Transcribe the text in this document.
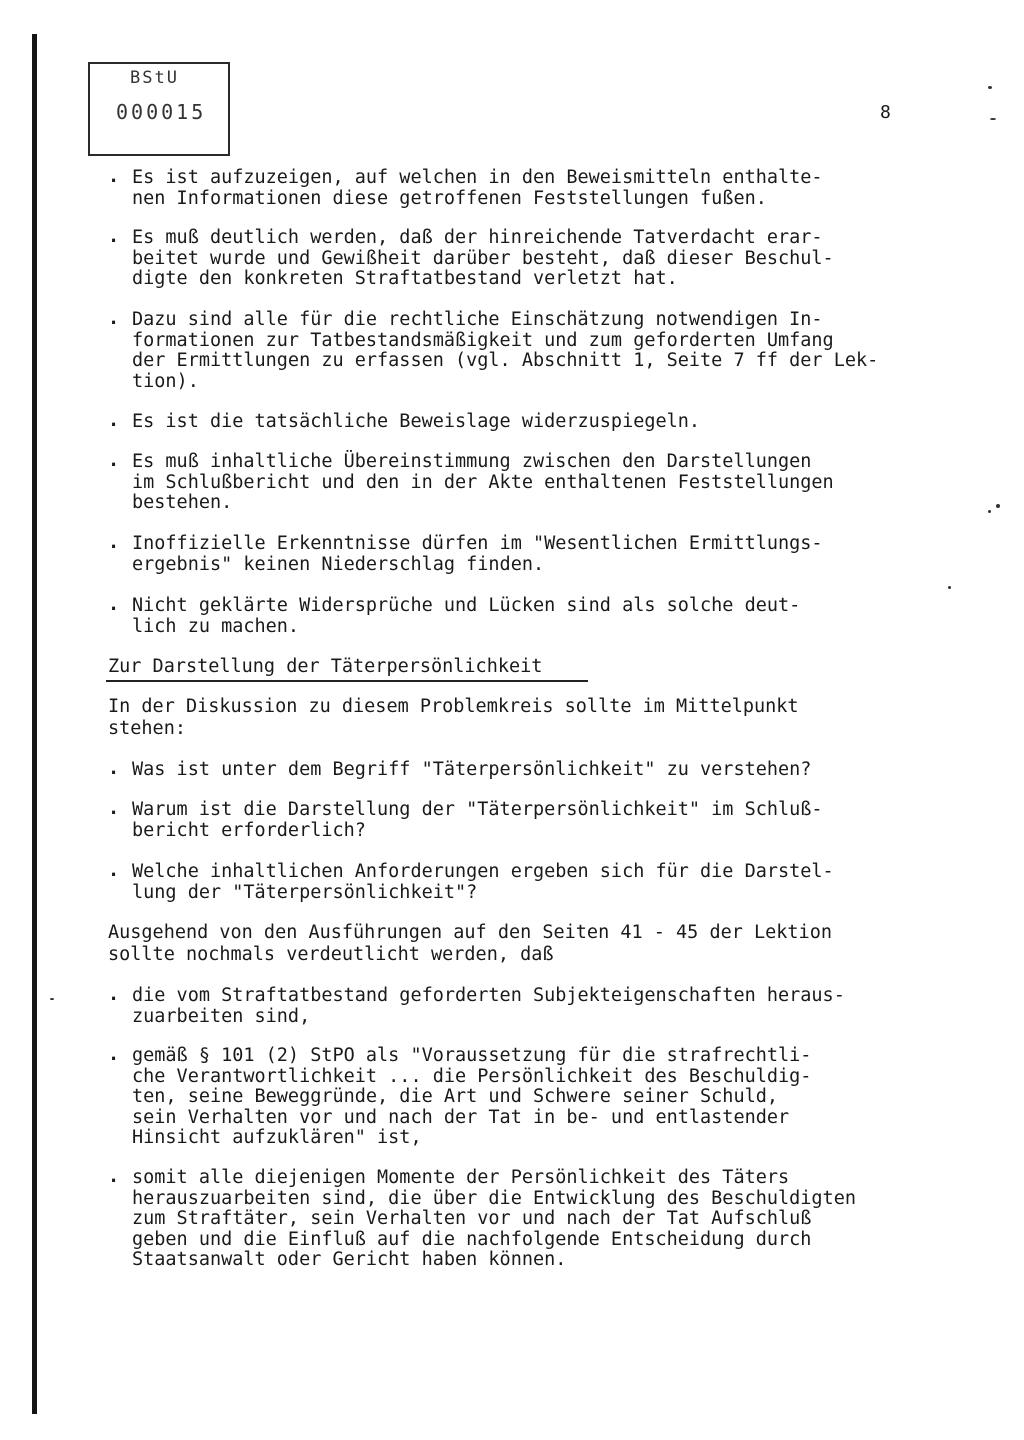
BStU
000015	8

.

Es ist aufzuzeigen, auf welchen in den Beweismitteln enthalte-
nen Informationen diese getroffenen Feststellungen fußen.

.

Es muß deutlich werden, daß der hinreichende Tatverdacht erar-
beitet wurde und Gewißheit darüber besteht, daß dieser Beschul-
digte den konkreten Straftatbestand verletzt hat.

.

Dazu sind alle für die rechtliche Einschätzung notwendigen In-
formationen zur Tatbestandsmäßigkeit und zum geforderten Umfang
der Ermittlungen zu erfassen (vgl. Abschnitt 1, Seite 7 ff der Lek-
tion).

.

Es ist die tatsächliche Beweislage widerzuspiegeln.

.

Es muß inhaltliche Übereinstimmung zwischen den Darstellungen
im Schlußbericht und den in der Akte enthaltenen Feststellungen
bestehen.

.

Inoffizielle Erkenntnisse dürfen im "Wesentlichen Ermittlungs-
ergebnis" keinen Niederschlag finden.

.

Nicht geklärte Widersprüche und Lücken sind als solche deut-
lich zu machen.

Zur Darstellung der Täterpersönlichkeit
In der Diskussion zu diesem Problemkreis sollte im Mittelpunkt
stehen:

.

Was ist unter dem Begriff "Täterpersönlichkeit" zu verstehen?

.

Warum ist die Darstellung der "Täterpersönlichkeit" im Schluß-
bericht erforderlich?

.

Welche inhaltlichen Anforderungen ergeben sich für die Darstel-
lung der "Täterpersönlichkeit"?

Ausgehend von den Ausführungen auf den Seiten 41 - 45 der Lektion
sollte nochmals verdeutlicht werden, daß

.

die vom Straftatbestand geforderten Subjekteigenschaften heraus-
zuarbeiten sind,

.

gemäß § 101 (2) StPO als "Voraussetzung für die strafrechtli-
che Verantwortlichkeit ... die Persönlichkeit des Beschuldig-
ten, seine Beweggründe, die Art und Schwere seiner Schuld,
sein Verhalten vor und nach der Tat in be- und entlastender
Hinsicht aufzuklären" ist,

.

somit alle diejenigen Momente der Persönlichkeit des Täters
herauszuarbeiten sind, die über die Entwicklung des Beschuldigten
zum Straftäter, sein Verhalten vor und nach der Tat Aufschluß
geben und die Einfluß auf die nachfolgende Entscheidung durch
Staatsanwalt oder Gericht haben können.
